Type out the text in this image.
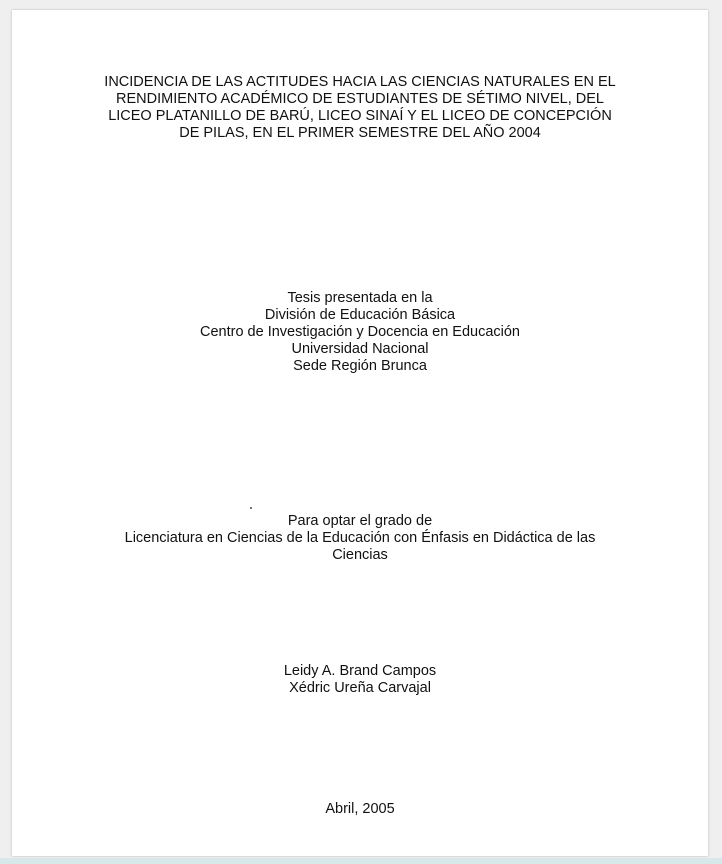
INCIDENCIA DE LAS ACTITUDES HACIA LAS CIENCIAS NATURALES EN EL
RENDIMIENTO ACADÉMICO DE ESTUDIANTES DE SÉTIMO NIVEL, DEL
LICEO PLATANILLO DE BARÚ, LICEO SINAÍ Y EL LICEO DE CONCEPCIÓN
DE PILAS, EN EL PRIMER SEMESTRE DEL AÑO 2004
Tesis presentada en la
División de Educación Básica
Centro de Investigación y Docencia en Educación
Universidad Nacional
Sede Región Brunca
Para optar el grado de
Licenciatura en Ciencias de la Educación con Énfasis en Didáctica de las
Ciencias
Leidy A. Brand Campos
Xédric Ureña Carvajal
Abril, 2005
